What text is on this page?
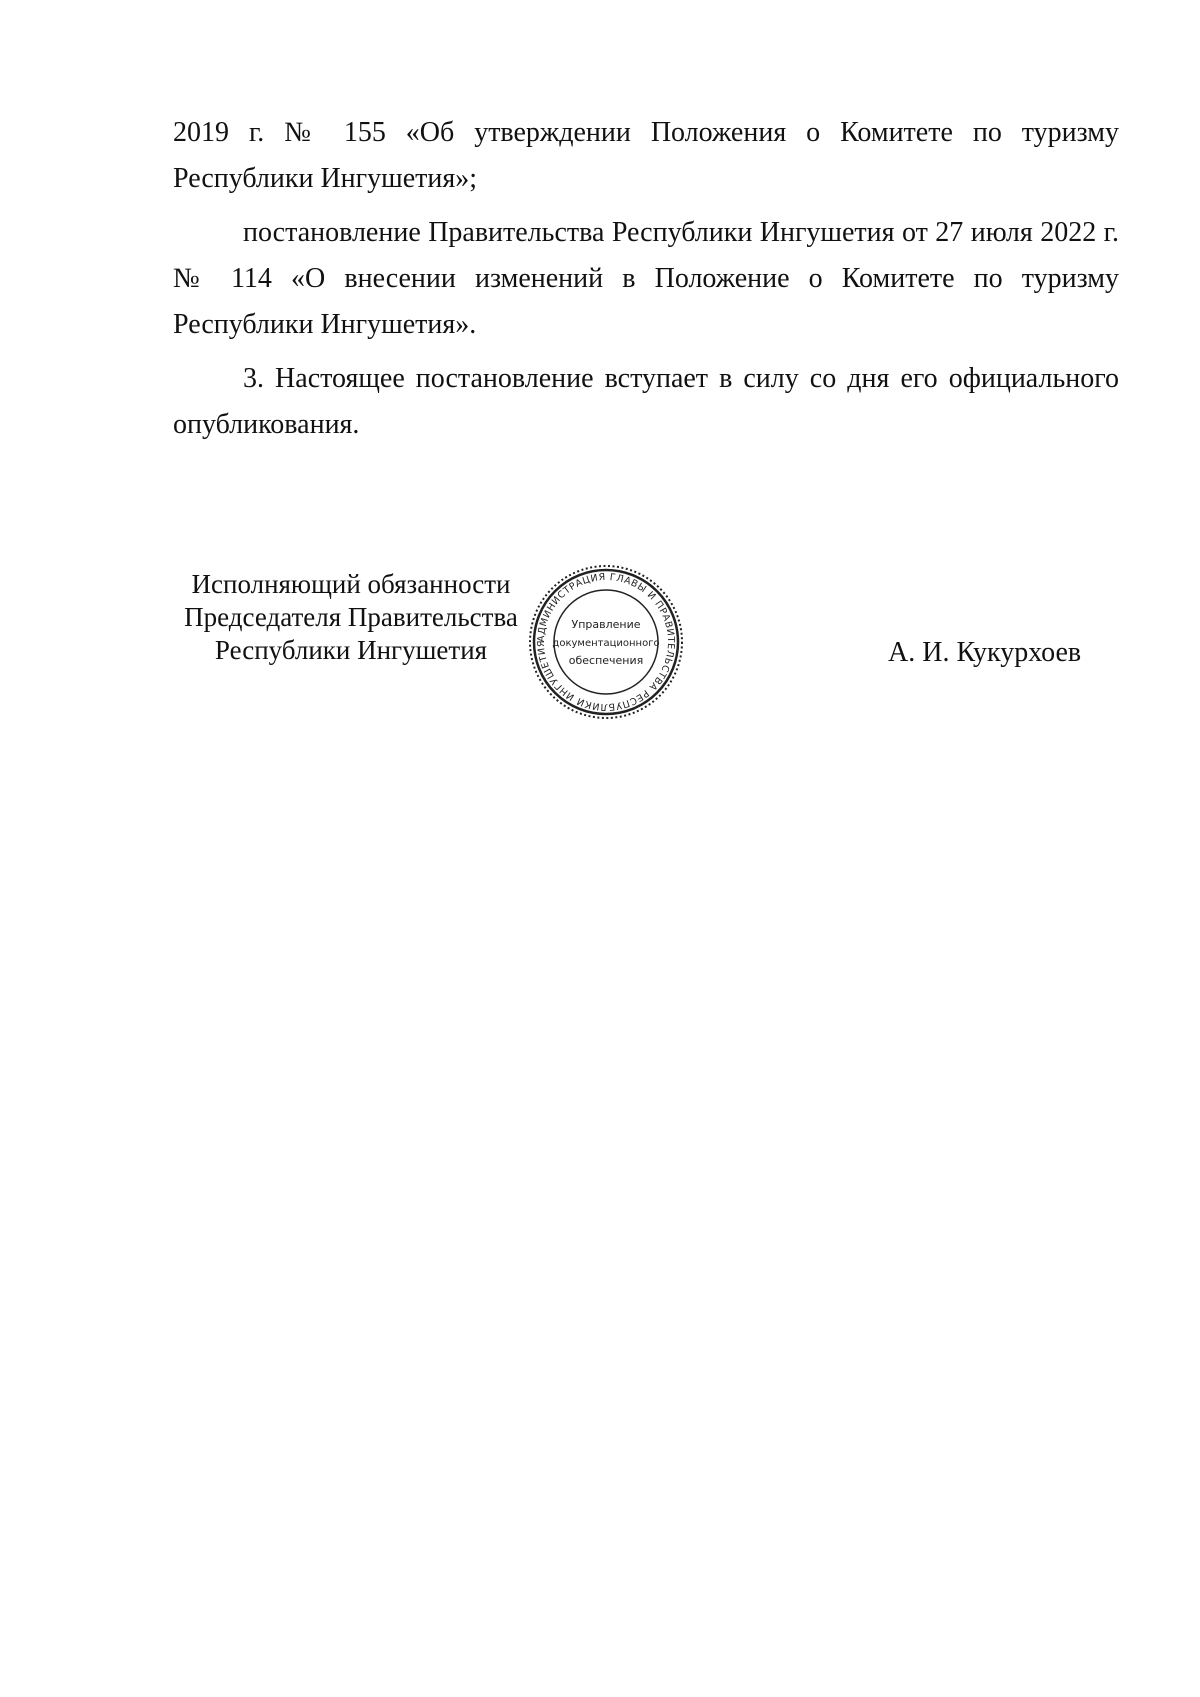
2019 г. № 155 «Об утверждении Положения о Комитете по туризму Республики Ингушетия»;

постановление Правительства Республики Ингушетия от 27 июля 2022 г. № 114 «О внесении изменений в Положение о Комитете по туризму Республики Ингушетия».

3. Настоящее постановление вступает в силу со дня его официального опубликования.

Исполняющий обязанности
Председателя Правительства
Республики Ингушетия	АДМИНИСТРАЦИЯ ГЛАВЫ И ПРАВИТЕЛЬСТВА РЕСПУБЛИКИ ИНГУШЕТИЯ
Управление
документационного
обеспечения	А. И. Кукурхоев
